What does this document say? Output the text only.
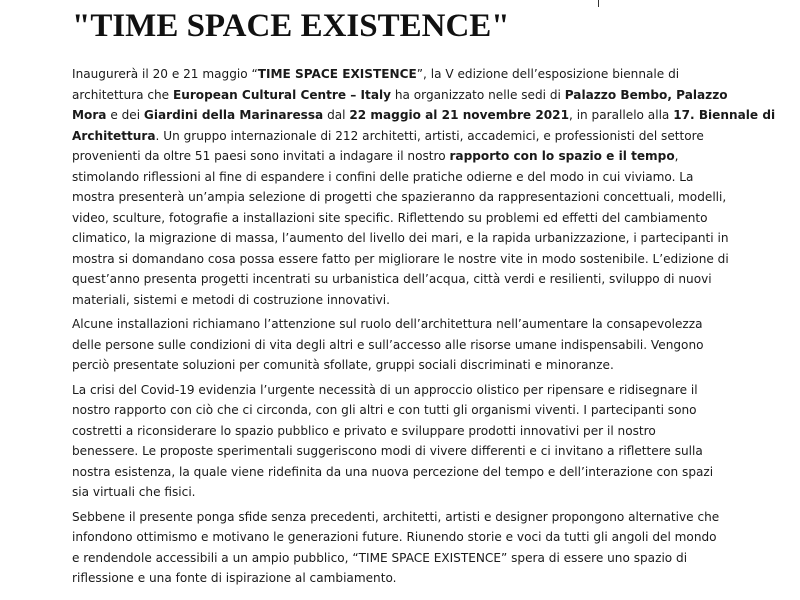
"TIME SPACE EXISTENCE"

Inaugurerà il 20 e 21 maggio “TIME SPACE EXISTENCE”, la V edizione dell’esposizione biennale di
architettura che European Cultural Centre – Italy ha organizzato nelle sedi di Palazzo Bembo, Palazzo
Mora e dei Giardini della Marinaressa dal 22 maggio al 21 novembre 2021, in parallelo alla 17. Biennale di
Architettura. Un gruppo internazionale di 212 architetti, artisti, accademici, e professionisti del settore
provenienti da oltre 51 paesi sono invitati a indagare il nostro rapporto con lo spazio e il tempo,
stimolando riflessioni al fine di espandere i confini delle pratiche odierne e del modo in cui viviamo. La
mostra presenterà un’ampia selezione di progetti che spazieranno da rappresentazioni concettuali, modelli,
video, sculture, fotografie a installazioni site specific. Riflettendo su problemi ed effetti del cambiamento
climatico, la migrazione di massa, l’aumento del livello dei mari, e la rapida urbanizzazione, i partecipanti in
mostra si domandano cosa possa essere fatto per migliorare le nostre vite in modo sostenibile. L’edizione di
quest’anno presenta progetti incentrati su urbanistica dell’acqua, città verdi e resilienti, sviluppo di nuovi
materiali, sistemi e metodi di costruzione innovativi.

Alcune installazioni richiamano l’attenzione sul ruolo dell’architettura nell’aumentare la consapevolezza
delle persone sulle condizioni di vita degli altri e sull’accesso alle risorse umane indispensabili. Vengono
perciò presentate soluzioni per comunità sfollate, gruppi sociali discriminati e minoranze.

La crisi del Covid-19 evidenzia l’urgente necessità di un approccio olistico per ripensare e ridisegnare il
nostro rapporto con ciò che ci circonda, con gli altri e con tutti gli organismi viventi. I partecipanti sono
costretti a riconsiderare lo spazio pubblico e privato e sviluppare prodotti innovativi per il nostro
benessere. Le proposte sperimentali suggeriscono modi di vivere differenti e ci invitano a riflettere sulla
nostra esistenza, la quale viene ridefinita da una nuova percezione del tempo e dell’interazione con spazi
sia virtuali che fisici.

Sebbene il presente ponga sfide senza precedenti, architetti, artisti e designer propongono alternative che
infondono ottimismo e motivano le generazioni future. Riunendo storie e voci da tutti gli angoli del mondo
e rendendole accessibili a un ampio pubblico, “TIME SPACE EXISTENCE” spera di essere uno spazio di
riflessione e una fonte di ispirazione al cambiamento.
